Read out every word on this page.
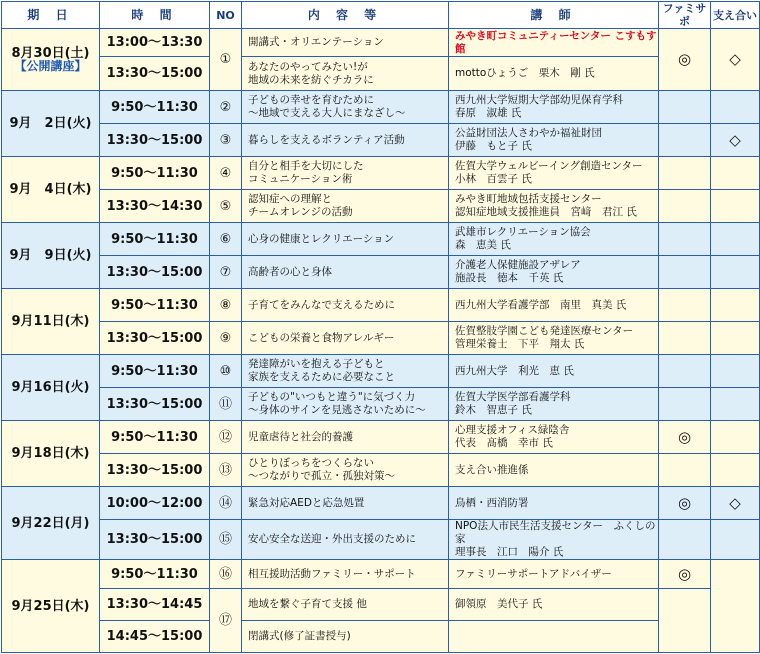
期 日	時 間	NO	内 容 等	講 師	ファミサポ	支え合い

8月30日(土)
【公開講座】	13:00〜13:30	①	開講式・オリエンテーション	みやき町コミュニティーセンター こすもす館	◎	◇
	13:30〜15:00		あなたのやってみたい!が
地域の未来を紡ぐチカラに	mottoひょうご　栗木　剛 氏		

9月　2日(火)	9:50〜11:30	②	子どもの幸せを育むために
〜地域で支える大人にまなざし〜	西九州大学短期大学部幼児保育学科
春原　淑雄 氏		
	13:30〜15:00	③	暮らしを支えるボランティア活動	公益財団法人さわやか福祉財団
伊藤　もと子 氏		◇

9月　4日(木)	9:50〜11:30	④	自分と相手を大切にした
コミュニケーション術	佐賀大学ウェルビーイング創造センター
小林　百雲子 氏		
	13:30〜14:30	⑤	認知症への理解と
チームオレンジの活動	みやき町地域包括支援センター
認知症地域支援推進員　宮﨑　君江 氏		

9月　9日(火)	9:50〜11:30	⑥	心身の健康とレクリエーション	武雄市レクリエーション協会
森　恵美 氏		
	13:30〜15:00	⑦	高齢者の心と身体	介護老人保健施設アザレア
施設長　徳本　千英 氏		

9月11日(木)	9:50〜11:30	⑧	子育てをみんなで支えるために	西九州大学看護学部　南里　真美 氏		
	13:30〜15:00	⑨	こどもの栄養と食物アレルギー	佐賀整肢学園こども発達医療センター
管理栄養士　下平　翔太 氏		

9月16日(火)	9:50〜11:30	⑩	発達障がいを抱える子どもと
家族を支えるために必要なこと	西九州大学　利光　恵 氏		
	13:30〜15:00	⑪	子どもの"いつもと違う"に気づく力
〜身体のサインを見逃さないために〜	佐賀大学医学部看護学科
鈴木　智恵子 氏		

9月18日(木)	9:50〜11:30	⑫	児童虐待と社会的養護	心理支援オフィス緑陰舎
代表　髙橋　幸市 氏	◎	
	13:30〜15:00	⑬	ひとりぼっちをつくらない
〜つながりで孤立・孤独対策〜	支え合い推進係		

9月22日(月)	10:00〜12:00	⑭	緊急対応AEDと応急処置	鳥栖・西消防署	◎	◇
	13:30〜15:00	⑮	安心安全な送迎・外出支援のために	NPO法人市民生活支援センター　ふくしの家
理事長　江口　陽介 氏		

9月25日(木)	9:50〜11:30	⑯	相互援助活動ファミリー・サポート	ファミリーサポートアドバイザー	◎	
	13:30〜14:45	⑰	地域を繋ぐ子育て支援 他	御領原　美代子 氏		
	14:45〜15:00		閉講式(修了証書授与)			
